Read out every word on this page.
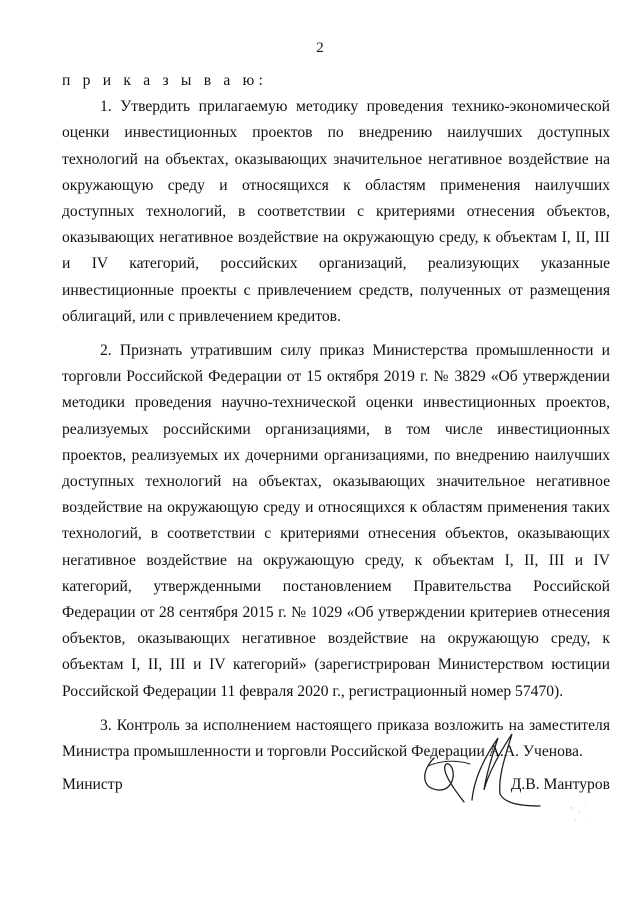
2

п р и к а з ы в а ю:

1. Утвердить прилагаемую методику проведения технико-экономической оценки инвестиционных проектов по внедрению наилучших доступных технологий на объектах, оказывающих значительное негативное воздействие на окружающую среду и относящихся к областям применения наилучших доступных технологий, в соответствии с критериями отнесения объектов, оказывающих негативное воздействие на окружающую среду, к объектам I, II, III и IV категорий, российских организаций, реализующих указанные инвестиционные проекты с привлечением средств, полученных от размещения облигаций, или с привлечением кредитов.

2. Признать утратившим силу приказ Министерства промышленности и торговли Российской Федерации от 15 октября 2019 г. № 3829 «Об утверждении методики проведения научно-технической оценки инвестиционных проектов, реализуемых российскими организациями, в том числе инвестиционных проектов, реализуемых их дочерними организациями, по внедрению наилучших доступных технологий на объектах, оказывающих значительное негативное воздействие на окружающую среду и относящихся к областям применения таких технологий, в соответствии с критериями отнесения объектов, оказывающих негативное воздействие на окружающую среду, к объектам I, II, III и IV категорий, утвержденными постановлением Правительства Российской Федерации от 28 сентября 2015 г. № 1029 «Об утверждении критериев отнесения объектов, оказывающих негативное воздействие на окружающую среду, к объектам I, II, III и IV категорий» (зарегистрирован Министерством юстиции Российской Федерации 11 февраля 2020 г., регистрационный номер 57470).

3. Контроль за исполнением настоящего приказа возложить на заместителя Министра промышленности и торговли Российской Федерации А.А. Ученова.

Министр	Д.В. Мантуров
